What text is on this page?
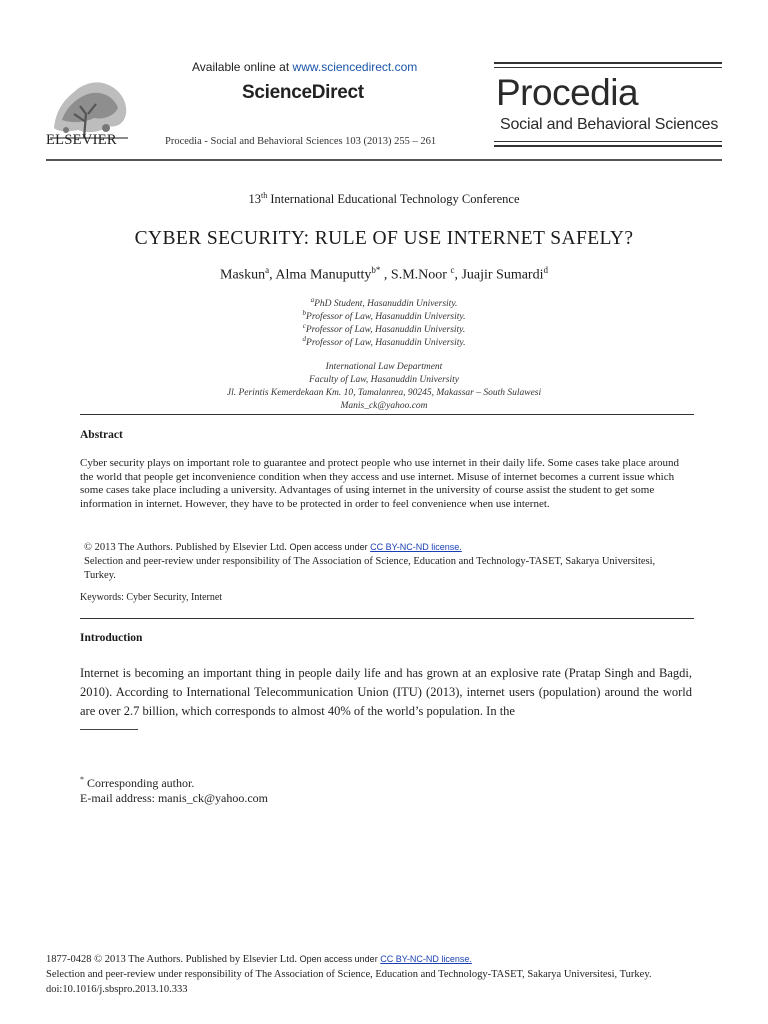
ELSEVIER
Available online at www.sciencedirect.com
ScienceDirect
Procedia - Social and Behavioral Sciences 103 (2013) 255 – 261
Procedia
Social and Behavioral Sciences
13th International Educational Technology Conference
CYBER SECURITY: RULE OF USE INTERNET SAFELY?
Maskun$^a$, Alma Manuputty$^{b*}$ , S.M.Noor $^c$, Juajir Sumardi$^d$
$^a$PhD Student, Hasanuddin University.
$^b$Professor of Law, Hasanuddin University.
$^c$Professor of Law, Hasanuddin University.
$^d$Professor of Law, Hasanuddin University.
International Law Department
Faculty of Law, Hasanuddin University
Jl. Perintis Kemerdekaan Km. 10, Tamalanrea, 90245, Makassar – South Sulawesi
Manis_ck@yahoo.com
Abstract
Cyber security plays on important role to guarantee and protect people who use internet in their daily life. Some cases take place around the world that people get inconvenience condition when they access and use internet. Misuse of internet becomes a current issue which some cases take place including a university. Advantages of using internet in the university of course assist the student to get some information in internet. However, they have to be protected in order to feel convenience when use internet.
© 2013 The Authors. Published by Elsevier Ltd. Open access under CC BY-NC-ND license.
Selection and peer-review under responsibility of The Association of Science, Education and Technology-TASET, Sakarya Universitesi, Turkey.
Keywords: Cyber Security, Internet
Introduction
Internet is becoming an important thing in people daily life and has grown at an explosive rate (Pratap Singh and Bagdi, 2010). According to International Telecommunication Union (ITU) (2013), internet users (population) around the world are over 2.7 billion, which corresponds to almost 40% of the world’s population. In the
* Corresponding author.
E-mail address: manis_ck@yahoo.com
1877-0428 © 2013 The Authors. Published by Elsevier Ltd. Open access under CC BY-NC-ND license.
Selection and peer-review under responsibility of The Association of Science, Education and Technology-TASET, Sakarya Universitesi, Turkey.
doi:10.1016/j.sbspro.2013.10.333
